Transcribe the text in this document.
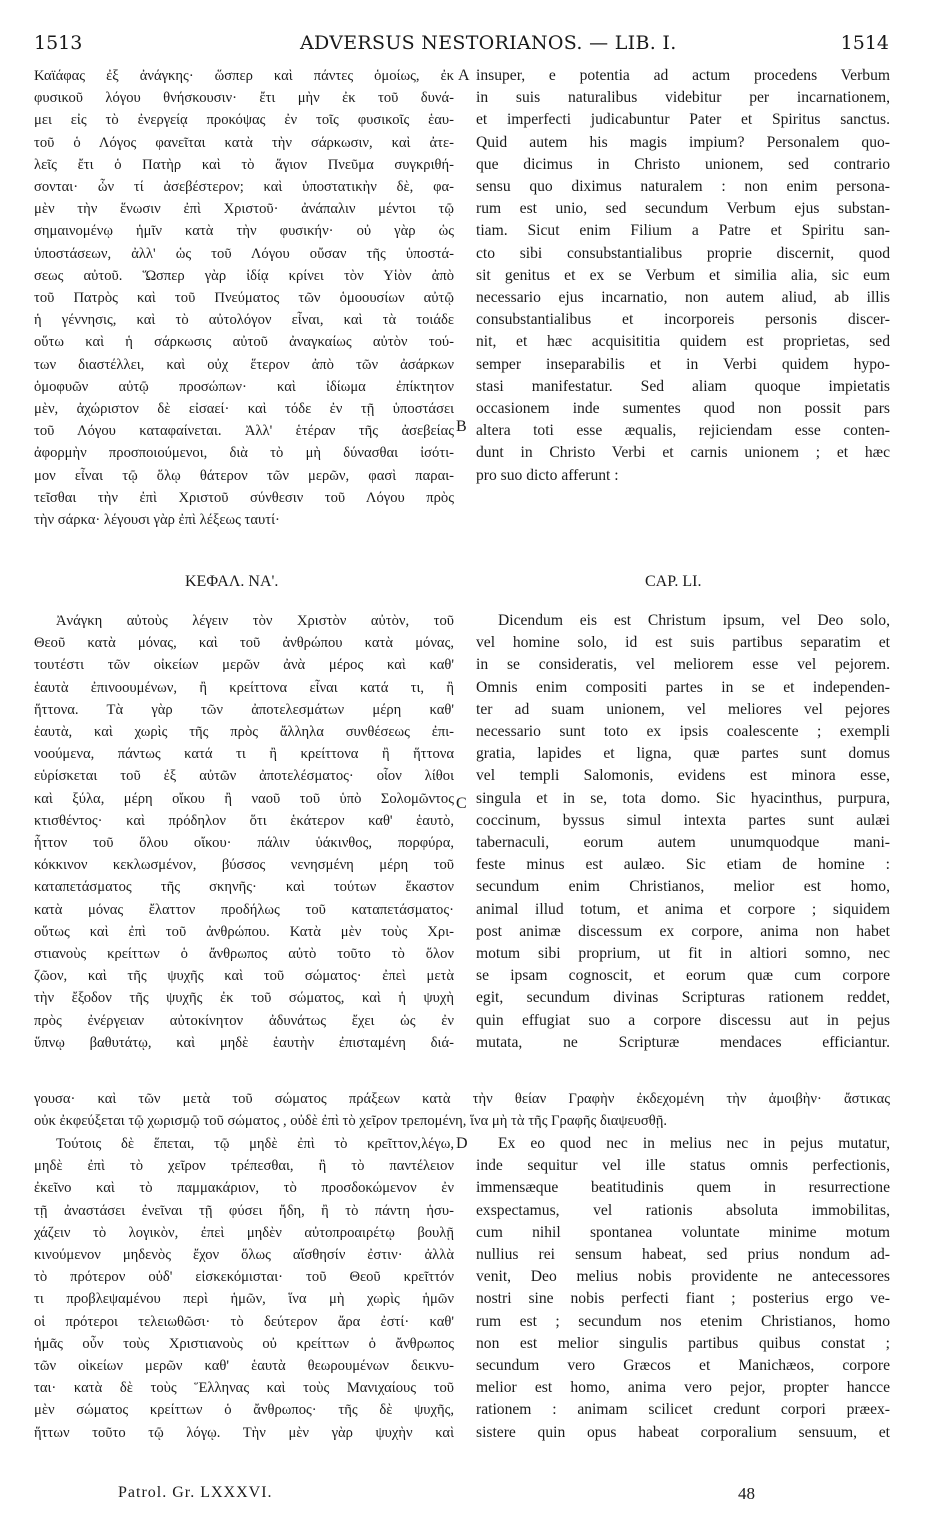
1513	ADVERSUS NESTORIANOS. — LIB. I.	1514
A
B
C
D
Καϊάφας ἐξ ἀνάγκης· ὥσπερ καὶ πάντες ὁμοίως, ἐκ
φυσικοῦ λόγου θνήσκουσιν· ἔτι μὴν ἐκ τοῦ δυνά-
μει εἰς τὸ ἐνεργείᾳ προκόψας ἐν τοῖς φυσικοῖς ἑαυ-
τοῦ ὁ Λόγος φανεῖται κατὰ τὴν σάρκωσιν, καὶ ἀτε-
λεῖς ἔτι ὁ Πατὴρ καὶ τὸ ἅγιον Πνεῦμα συγκριθή-
σονται· ὧν τί ἀσεβέστερον; καὶ ὑποστατικὴν δὲ, φα-
μὲν τὴν ἕνωσιν ἐπὶ Χριστοῦ· ἀνάπαλιν μέντοι τῷ
σημαινομένῳ ἡμῖν κατὰ τὴν φυσικήν· οὐ γὰρ ὡς
ὑποστάσεων, ἀλλ' ὡς τοῦ Λόγου οὔσαν τῆς ὑποστά-
σεως αὐτοῦ. Ὥσπερ γὰρ ἰδίᾳ κρίνει τὸν Υἱὸν ἀπὸ
τοῦ Πατρὸς καὶ τοῦ Πνεύματος τῶν ὁμοουσίων αὐτῷ
ἡ γέννησις, καὶ τὸ αὐτολόγον εἶναι, καὶ τὰ τοιάδε
οὕτω καὶ ἡ σάρκωσις αὐτοῦ ἀναγκαίως αὐτὸν τού-
των διαστέλλει, καὶ οὐχ ἕτερον ἀπὸ τῶν ἀσάρκων
ὁμοφυῶν αὐτῷ προσώπων· καὶ ἰδίωμα ἐπίκτητον
μὲν, ἀχώριστον δὲ εἰσαεί· καὶ τόδε ἐν τῇ ὑποστάσει
τοῦ Λόγου καταφαίνεται. Ἀλλ' ἑτέραν τῆς ἀσεβείας
ἀφορμὴν προσποιούμενοι, διὰ τὸ μὴ δύνασθαι ἰσότι-
μον εἶναι τῷ ὅλῳ θάτερον τῶν μερῶν, φασὶ παραι-
τεῖσθαι τὴν ἐπὶ Χριστοῦ σύνθεσιν τοῦ Λόγου πρὸς
τὴν σάρκα· λέγουσι γὰρ ἐπὶ λέξεως ταυτί·
insuper, e potentia ad actum procedens Verbum
in suis naturalibus videbitur per incarnationem,
et imperfecti judicabuntur Pater et Spiritus sanctus.
Quid autem his magis impium? Personalem quo-
que dicimus in Christo unionem, sed contrario
sensu quo diximus naturalem : non enim persona-
rum est unio, sed secundum Verbum ejus substan-
tiam. Sicut enim Filium a Patre et Spiritu san-
cto sibi consubstantialibus proprie discernit, quod
sit genitus et ex se Verbum et similia alia, sic eum
necessario ejus incarnatio, non autem aliud, ab illis
consubstantialibus et incorporeis personis discer-
nit, et hæc acquisititia quidem est proprietas, sed
semper inseparabilis et in Verbi quidem hypo-
stasi manifestatur. Sed aliam quoque impietatis
occasionem inde sumentes quod non possit pars
altera toti esse æqualis, rejiciendam esse conten-
dunt in Christo Verbi et carnis unionem ; et hæc
pro suo dicto afferunt :
ΚΕΦΑΛ. ΝΑ'.	CAP. LI.
Ἀνάγκη αὐτοὺς λέγειν τὸν Χριστὸν αὐτὸν, τοῦ
Θεοῦ κατὰ μόνας, καὶ τοῦ ἀνθρώπου κατὰ μόνας,
τουτέστι τῶν οἰκείων μερῶν ἀνὰ μέρος καὶ καθ'
ἑαυτὰ ἐπινοουμένων, ἢ κρείττονα εἶναι κατά τι, ἢ
ἥττονα. Τὰ γὰρ τῶν ἀποτελεσμάτων μέρη καθ'
ἑαυτὰ, καὶ χωρὶς τῆς πρὸς ἄλληλα συνθέσεως ἐπι-
νοούμενα, πάντως κατά τι ἢ κρείττονα ἢ ἥττονα
εὑρίσκεται τοῦ ἐξ αὐτῶν ἀποτελέσματος· οἷον λίθοι
καὶ ξύλα, μέρη οἴκου ἢ ναοῦ τοῦ ὑπὸ Σολομῶντος
κτισθέντος· καὶ πρόδηλον ὅτι ἑκάτερον καθ' ἑαυτὸ,
ἧττον τοῦ ὅλου οἴκου· πάλιν ὑάκινθος, πορφύρα,
κόκκινον κεκλωσμένον, βύσσος νενησμένη μέρη τοῦ
καταπετάσματος τῆς σκηνῆς· καὶ τούτων ἕκαστον
κατὰ μόνας ἔλαττον προδήλως τοῦ καταπετάσματος·
οὕτως καὶ ἐπὶ τοῦ ἀνθρώπου. Κατὰ μὲν τοὺς Χρι-
στιανοὺς κρείττων ὁ ἄνθρωπος αὐτὸ τοῦτο τὸ ὅλον
ζῶον, καὶ τῆς ψυχῆς καὶ τοῦ σώματος· ἐπεὶ μετὰ
τὴν ἔξοδον τῆς ψυχῆς ἐκ τοῦ σώματος, καὶ ἡ ψυχὴ
πρὸς ἐνέργειαν αὐτοκίνητον ἀδυνάτως ἔχει ὡς ἐν
ὕπνῳ βαθυτάτῳ, καὶ μηδὲ ἑαυτὴν ἐπισταμένη διά-
Dicendum eis est Christum ipsum, vel Deo solo,
vel homine solo, id est suis partibus separatim et
in se consideratis, vel meliorem esse vel pejorem.
Omnis enim compositi partes in se et independen-
ter ad suam unionem, vel meliores vel pejores
necessario sunt toto ex ipsis coalescente ; exempli
gratia, lapides et ligna, quæ partes sunt domus
vel templi Salomonis, evidens est minora esse,
singula et in se, tota domo. Sic hyacinthus, purpura,
coccinum, byssus simul intexta partes sunt aulæi
tabernaculi, eorum autem unumquodque mani-
feste minus est aulæo. Sic etiam de homine :
secundum enim Christianos, melior est homo,
animal illud totum, et anima et corpore ; siquidem
post animæ discessum ex corpore, anima non habet
motum sibi proprium, ut fit in altiori somno, nec
se ipsam cognoscit, et eorum quæ cum corpore
egit, secundum divinas Scripturas rationem reddet,
quin effugiat suo a corpore discessu aut in pejus
mutata, ne Scripturæ mendaces efficiantur.
γουσα· καὶ τῶν μετὰ τοῦ σώματος πράξεων κατὰ τὴν θείαν Γραφὴν ἐκδεχομένη τὴν ἀμοιβὴν· ἄστικας
οὐκ ἐκφεύξεται τῷ χωρισμῷ τοῦ σώματος , οὐδὲ ἐπὶ τὸ χεῖρον τρεπομένη, ἵνα μὴ τὰ τῆς Γραφῆς διαψευσθῇ.
Τούτοις δὲ ἕπεται, τῷ μηδὲ ἐπὶ τὸ κρεῖττον,λέγω,
μηδὲ ἐπὶ τὸ χεῖρον τρέπεσθαι, ἢ τὸ παντέλειον
ἐκεῖνο καὶ τὸ παμμακάριον, τὸ προσδοκώμενον ἐν
τῇ ἀναστάσει ἐνεῖναι τῇ φύσει ἤδη, ἢ τὸ πάντη ἡσυ-
χάζειν τὸ λογικὸν, ἐπεὶ μηδὲν αὐτοπροαιρέτῳ βουλῇ
κινούμενον μηδενὸς ἔχον ὅλως αἴσθησίν ἐστιν· ἀλλὰ
τὸ πρότερον οὐδ' εἰσκεκόμισται· τοῦ Θεοῦ κρεῖττόν
τι προβλεψαμένου περὶ ἡμῶν, ἵνα μὴ χωρὶς ἡμῶν
οἱ πρότεροι τελειωθῶσι· τὸ δεύτερον ἄρα ἐστί· καθ'
ἡμᾶς οὖν τοὺς Χριστιανοὺς οὐ κρείττων ὁ ἄνθρωπος
τῶν οἰκείων μερῶν καθ' ἑαυτὰ θεωρουμένων δεικνυ-
ται· κατὰ δὲ τοὺς Ἕλληνας καὶ τοὺς Μανιχαίους τοῦ
μὲν σώματος κρείττων ὁ ἄνθρωπος· τῆς δὲ ψυχῆς,
ἥττων τοῦτο τῷ λόγῳ. Τὴν μὲν γὰρ ψυχὴν καὶ
Ex eo quod nec in melius nec in pejus mutatur,
inde sequitur vel ille status omnis perfectionis,
immensæque beatitudinis quem in resurrectione
exspectamus, vel rationis absoluta immobilitas,
cum nihil spontanea voluntate minime motum
nullius rei sensum habeat, sed prius nondum ad-
venit, Deo melius nobis providente ne antecessores
nostri sine nobis perfecti fiant ; posterius ergo ve-
rum est ; secundum nos etenim Christianos, homo
non est melior singulis partibus quibus constat ;
secundum vero Græcos et Manichæos, corpore
melior est homo, anima vero pejor, propter hancce
rationem : animam scilicet credunt corpori præex-
sistere quin opus habeat corporalium sensuum, et
Patrol. Gr. LXXXVI.	48
